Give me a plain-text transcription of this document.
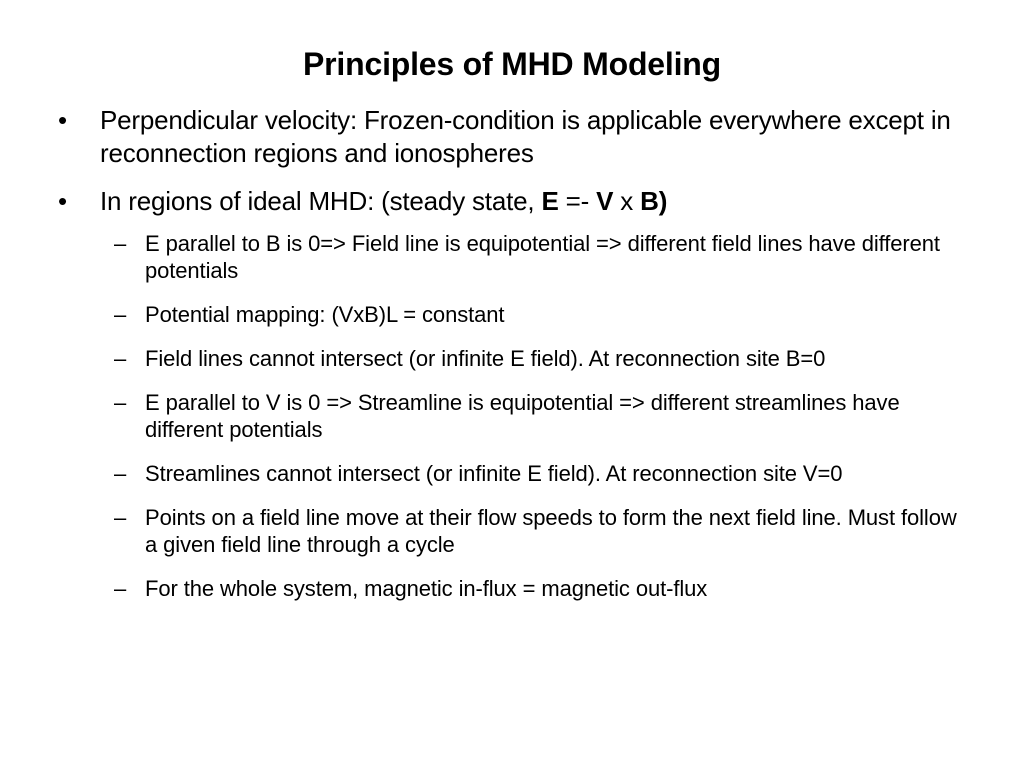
Principles of MHD Modeling
•	Perpendicular velocity: Frozen-condition is applicable everywhere except in reconnection regions and ionospheres
•	In regions of ideal MHD: (steady state, E =- V x B)
– E parallel to B is 0=> Field line is equipotential => different field lines have different potentials
– Potential mapping: (VxB)L = constant
– Field lines cannot intersect (or infinite E field). At reconnection site B=0
– E parallel to V is 0 => Streamline is equipotential => different streamlines have different potentials
– Streamlines cannot intersect (or infinite E field). At reconnection site V=0
– Points on a field line move at their flow speeds to form the next field line. Must follow a given field line through a cycle
– For the whole system, magnetic in-flux = magnetic out-flux
